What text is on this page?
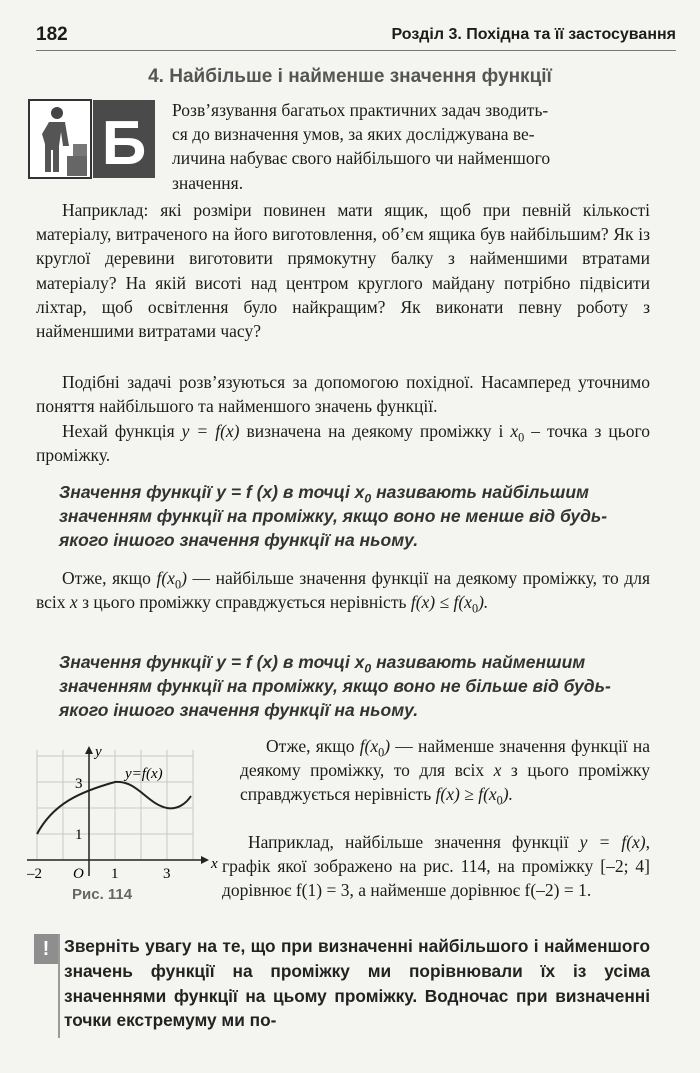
182	Розділ 3. Похідна та її застосування
4. Найбільше і найменше значення функції
Б Розв’язування багатьох практичних задач зводить-
ся до визначення умов, за яких досліджувана ве-
личина набуває свого найбільшого чи найменшого
значення.

Наприклад: які розміри повинен мати ящик, щоб при певній кількості матеріалу, витраченого на його виготовлення, об’єм ящика був найбільшим? Як із круглої деревини виготовити прямокутну балку з найменшими втратами матеріалу? На якій висоті над центром круглого майдану потрібно підвісити ліхтар, щоб освітлення було найкращим? Як виконати певну роботу з найменшими витратами часу?

Подібні задачі розв’язуються за допомогою похідної. Насамперед уточнимо поняття найбільшого та найменшого значень функції.

Нехай функція y = f(x) визначена на деякому проміжку і $x_0$ – точка з цього проміжку.

Значення функції y = f (x) в точці $x_0$ називають найбільшим значенням функції на проміжку, якщо воно не менше від будь-якого іншого значення функції на ньому.

Отже, якщо $f(x_0)$ — найбільше значення функції на деякому проміжку, то для всіх x з цього проміжку справджується нерівність $f(x) \le f(x_0)$.

Значення функції y = f (x) в точці $x_0$ називають найменшим значенням функції на проміжку, якщо воно не більше від будь-якого іншого значення функції на ньому.

x
y
y=f(x)
O
–2	1	3
3
1
Рис. 114

Отже, якщо $f(x_0)$ — найменше значення функції на деякому проміжку, то для всіх x з цього проміжку справджується нерівність $f(x) \ge f(x_0)$.

Наприклад, найбільше значення функції y = f(x), графік якої зображено на рис. 114, на проміжку [–2; 4] дорівнює f(1) = 3, а найменше дорівнює f(–2) = 1.

! Зверніть увагу на те, що при визначенні найбільшого і найменшого значень функції на проміжку ми порівнювали їх із усіма значеннями функції на цьому проміжку. Водночас при визначенні точки екстремуму ми по-
